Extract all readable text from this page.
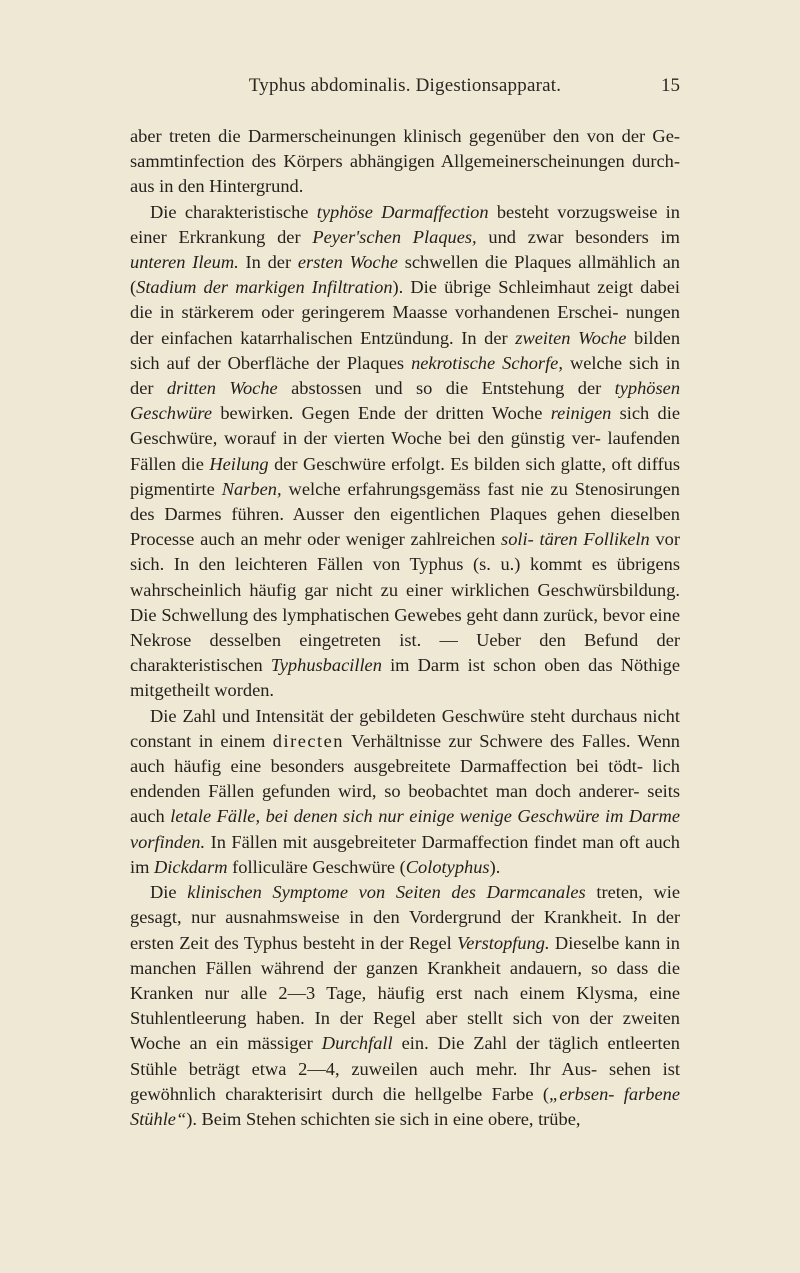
Typhus abdominalis. Digestionsapparat.	15

aber treten die Darmerscheinungen klinisch gegenüber den von der Ge- sammtinfection des Körpers abhängigen Allgemeinerscheinungen durch- aus in den Hintergrund.

Die charakteristische typhöse Darmaffection besteht vorzugsweise in einer Erkrankung der Peyer'schen Plaques, und zwar besonders im unteren Ileum. In der ersten Woche schwellen die Plaques allmählich an (Stadium der markigen Infiltration). Die übrige Schleimhaut zeigt dabei die in stärkerem oder geringerem Maasse vorhandenen Erschei- nungen der einfachen katarrhalischen Entzündung. In der zweiten Woche bilden sich auf der Oberfläche der Plaques nekrotische Schorfe, welche sich in der dritten Woche abstossen und so die Entstehung der typhösen Geschwüre bewirken. Gegen Ende der dritten Woche reinigen sich die Geschwüre, worauf in der vierten Woche bei den günstig ver- laufenden Fällen die Heilung der Geschwüre erfolgt. Es bilden sich glatte, oft diffus pigmentirte Narben, welche erfahrungsgemäss fast nie zu Stenosirungen des Darmes führen. Ausser den eigentlichen Plaques gehen dieselben Processe auch an mehr oder weniger zahlreichen soli- tären Follikeln vor sich. In den leichteren Fällen von Typhus (s. u.) kommt es übrigens wahrscheinlich häufig gar nicht zu einer wirklichen Geschwürsbildung. Die Schwellung des lymphatischen Gewebes geht dann zurück, bevor eine Nekrose desselben eingetreten ist. — Ueber den Befund der charakteristischen Typhusbacillen im Darm ist schon oben das Nöthige mitgetheilt worden.

Die Zahl und Intensität der gebildeten Geschwüre steht durchaus nicht constant in einem directen Verhältnisse zur Schwere des Falles. Wenn auch häufig eine besonders ausgebreitete Darmaffection bei tödt- lich endenden Fällen gefunden wird, so beobachtet man doch anderer- seits auch letale Fälle, bei denen sich nur einige wenige Geschwüre im Darme vorfinden. In Fällen mit ausgebreiteter Darmaffection findet man oft auch im Dickdarm folliculäre Geschwüre (Colotyphus).

Die klinischen Symptome von Seiten des Darmcanales treten, wie gesagt, nur ausnahmsweise in den Vordergrund der Krankheit. In der ersten Zeit des Typhus besteht in der Regel Verstopfung. Dieselbe kann in manchen Fällen während der ganzen Krankheit andauern, so dass die Kranken nur alle 2—3 Tage, häufig erst nach einem Klysma, eine Stuhlentleerung haben. In der Regel aber stellt sich von der zweiten Woche an ein mässiger Durchfall ein. Die Zahl der täglich entleerten Stühle beträgt etwa 2—4, zuweilen auch mehr. Ihr Aus- sehen ist gewöhnlich charakterisirt durch die hellgelbe Farbe („erbsen- farbene Stühle“). Beim Stehen schichten sie sich in eine obere, trübe,
